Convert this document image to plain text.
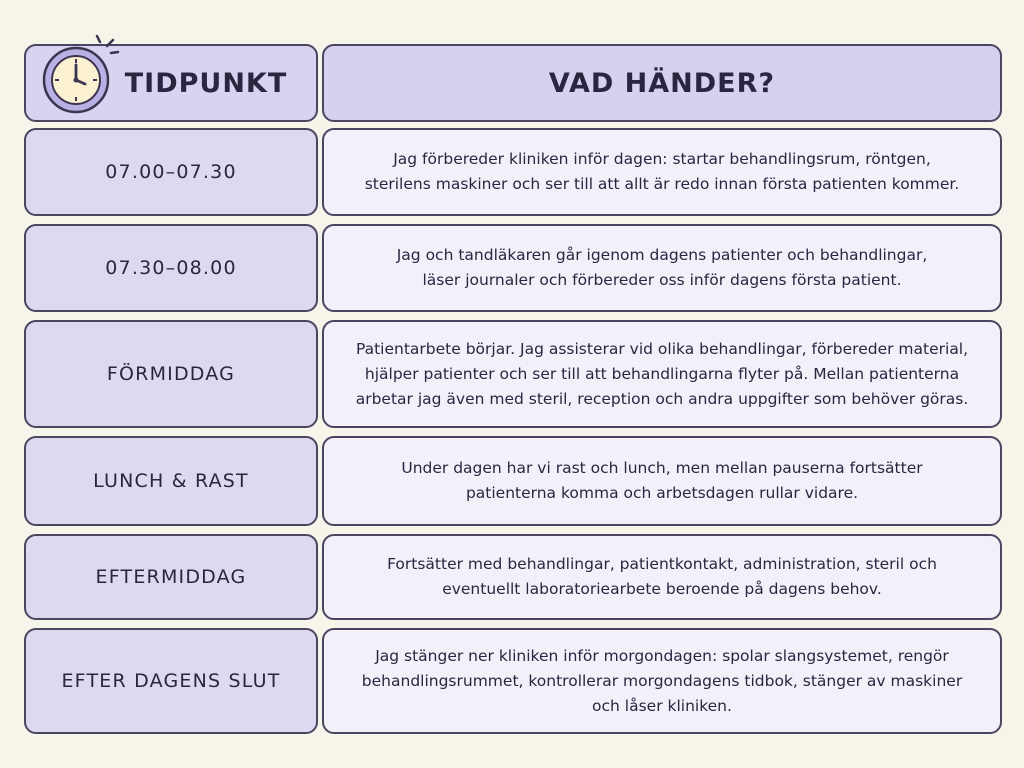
TIDPUNKT	VAD HÄNDER?
07.00–07.30
Jag förbereder kliniken inför dagen: startar behandlingsrum, röntgen,
sterilens maskiner och ser till att allt är redo innan första patienten kommer.
07.30–08.00
Jag och tandläkaren går igenom dagens patienter och behandlingar,
läser journaler och förbereder oss inför dagens första patient.
FÖRMIDDAG
Patientarbete börjar. Jag assisterar vid olika behandlingar, förbereder material,
hjälper patienter och ser till att behandlingarna flyter på. Mellan patienterna
arbetar jag även med steril, reception och andra uppgifter som behöver göras.
LUNCH & RAST
Under dagen har vi rast och lunch, men mellan pauserna fortsätter
patienterna komma och arbetsdagen rullar vidare.
EFTERMIDDAG
Fortsätter med behandlingar, patientkontakt, administration, steril och
eventuellt laboratoriearbete beroende på dagens behov.
EFTER DAGENS SLUT
Jag stänger ner kliniken inför morgondagen: spolar slangsystemet, rengör
behandlingsrummet, kontrollerar morgondagens tidbok, stänger av maskiner
och låser kliniken.
